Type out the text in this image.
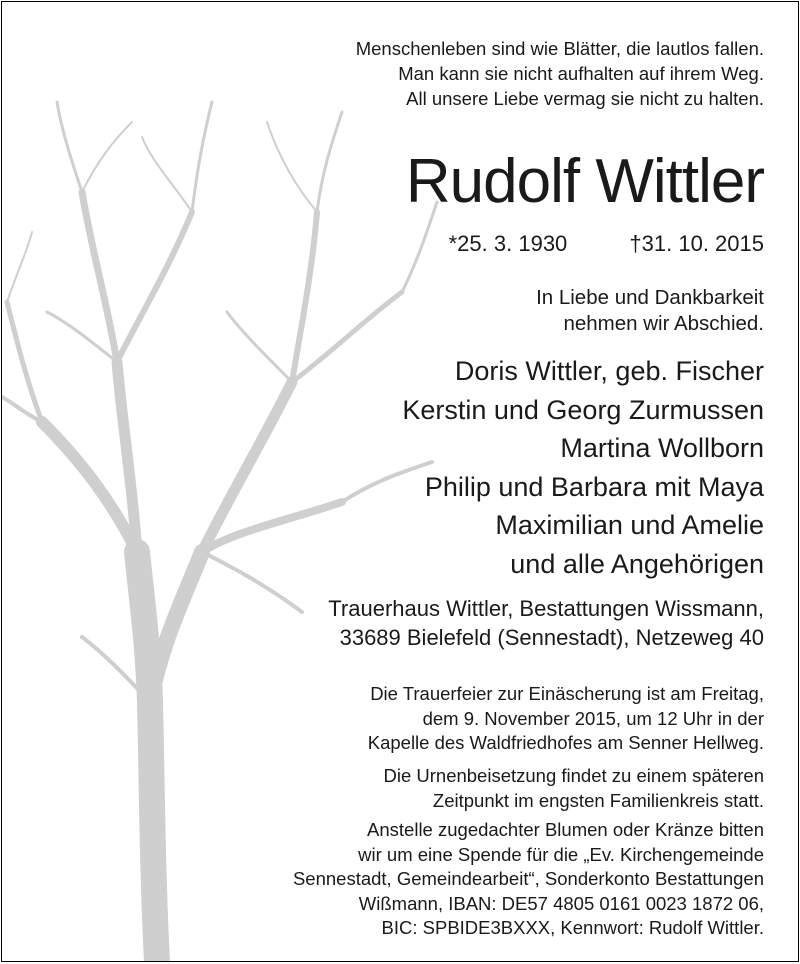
Menschenleben sind wie Blätter, die lautlos fallen.
Man kann sie nicht aufhalten auf ihrem Weg.
All unsere Liebe vermag sie nicht zu halten.
Rudolf Wittler
*25. 3. 1930	†31. 10. 2015
In Liebe und Dankbarkeit
nehmen wir Abschied.
Doris Wittler, geb. Fischer
Kerstin und Georg Zurmussen
Martina Wollborn
Philip und Barbara mit Maya
Maximilian und Amelie
und alle Angehörigen
Trauerhaus Wittler, Bestattungen Wissmann,
33689 Bielefeld (Sennestadt), Netzeweg 40
Die Trauerfeier zur Einäscherung ist am Freitag,
dem 9. November 2015, um 12 Uhr in der
Kapelle des Waldfriedhofes am Senner Hellweg.
Die Urnenbeisetzung findet zu einem späteren
Zeitpunkt im engsten Familienkreis statt.
Anstelle zugedachter Blumen oder Kränze bitten
wir um eine Spende für die „Ev. Kirchengemeinde
Sennestadt, Gemeindearbeit“, Sonderkonto Bestattungen
Wißmann, IBAN: DE57 4805 0161 0023 1872 06,
BIC: SPBIDE3BXXX, Kennwort: Rudolf Wittler.
